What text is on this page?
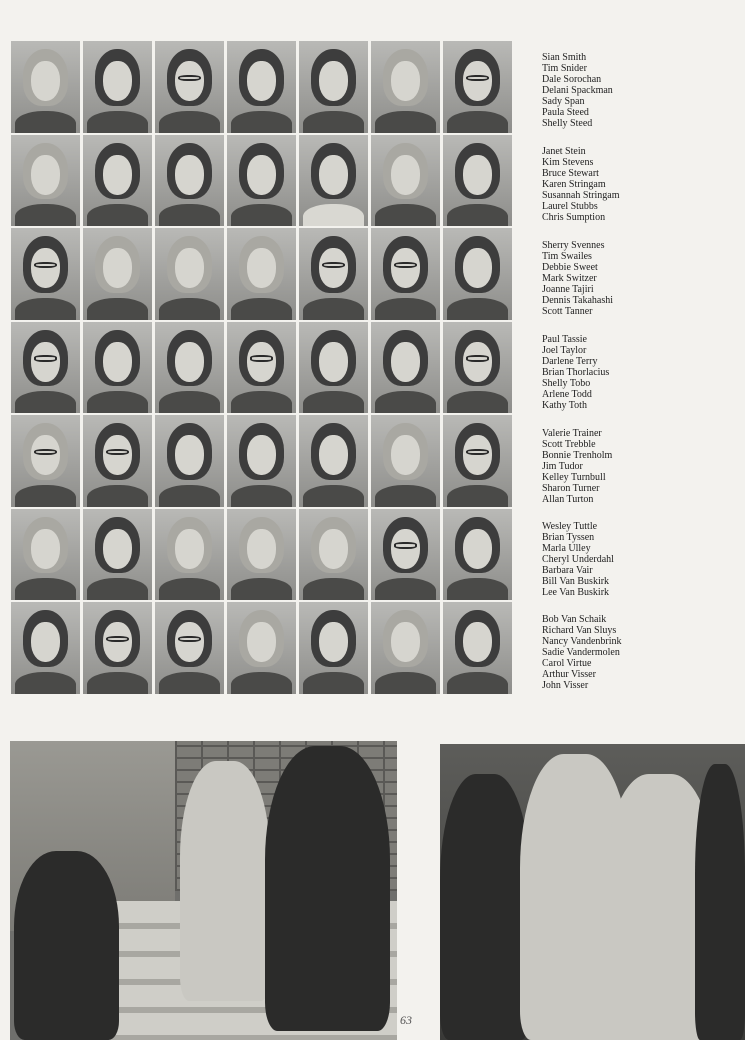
Sian Smith
Tim Snider
Dale Sorochan
Delani Spackman
Sady Span
Paula Steed
Shelly Steed
Janet Stein
Kim Stevens
Bruce Stewart
Karen Stringam
Susannah Stringam
Laurel Stubbs
Chris Sumption
Sherry Svennes
Tim Swailes
Debbie Sweet
Mark Switzer
Joanne Tajiri
Dennis Takahashi
Scott Tanner
Paul Tassie
Joel Taylor
Darlene Terry
Brian Thorlacius
Shelly Tobo
Arlene Todd
Kathy Toth
Valerie Trainer
Scott Trebble
Bonnie Trenholm
Jim Tudor
Kelley Turnbull
Sharon Turner
Allan Turton
Wesley Tuttle
Brian Tyssen
Marla Ulley
Cheryl Underdahl
Barbara Vair
Bill Van Buskirk
Lee Van Buskirk
Bob Van Schaik
Richard Van Sluys
Nancy Vandenbrink
Sadie Vandermolen
Carol Virtue
Arthur Visser
John Visser
63
